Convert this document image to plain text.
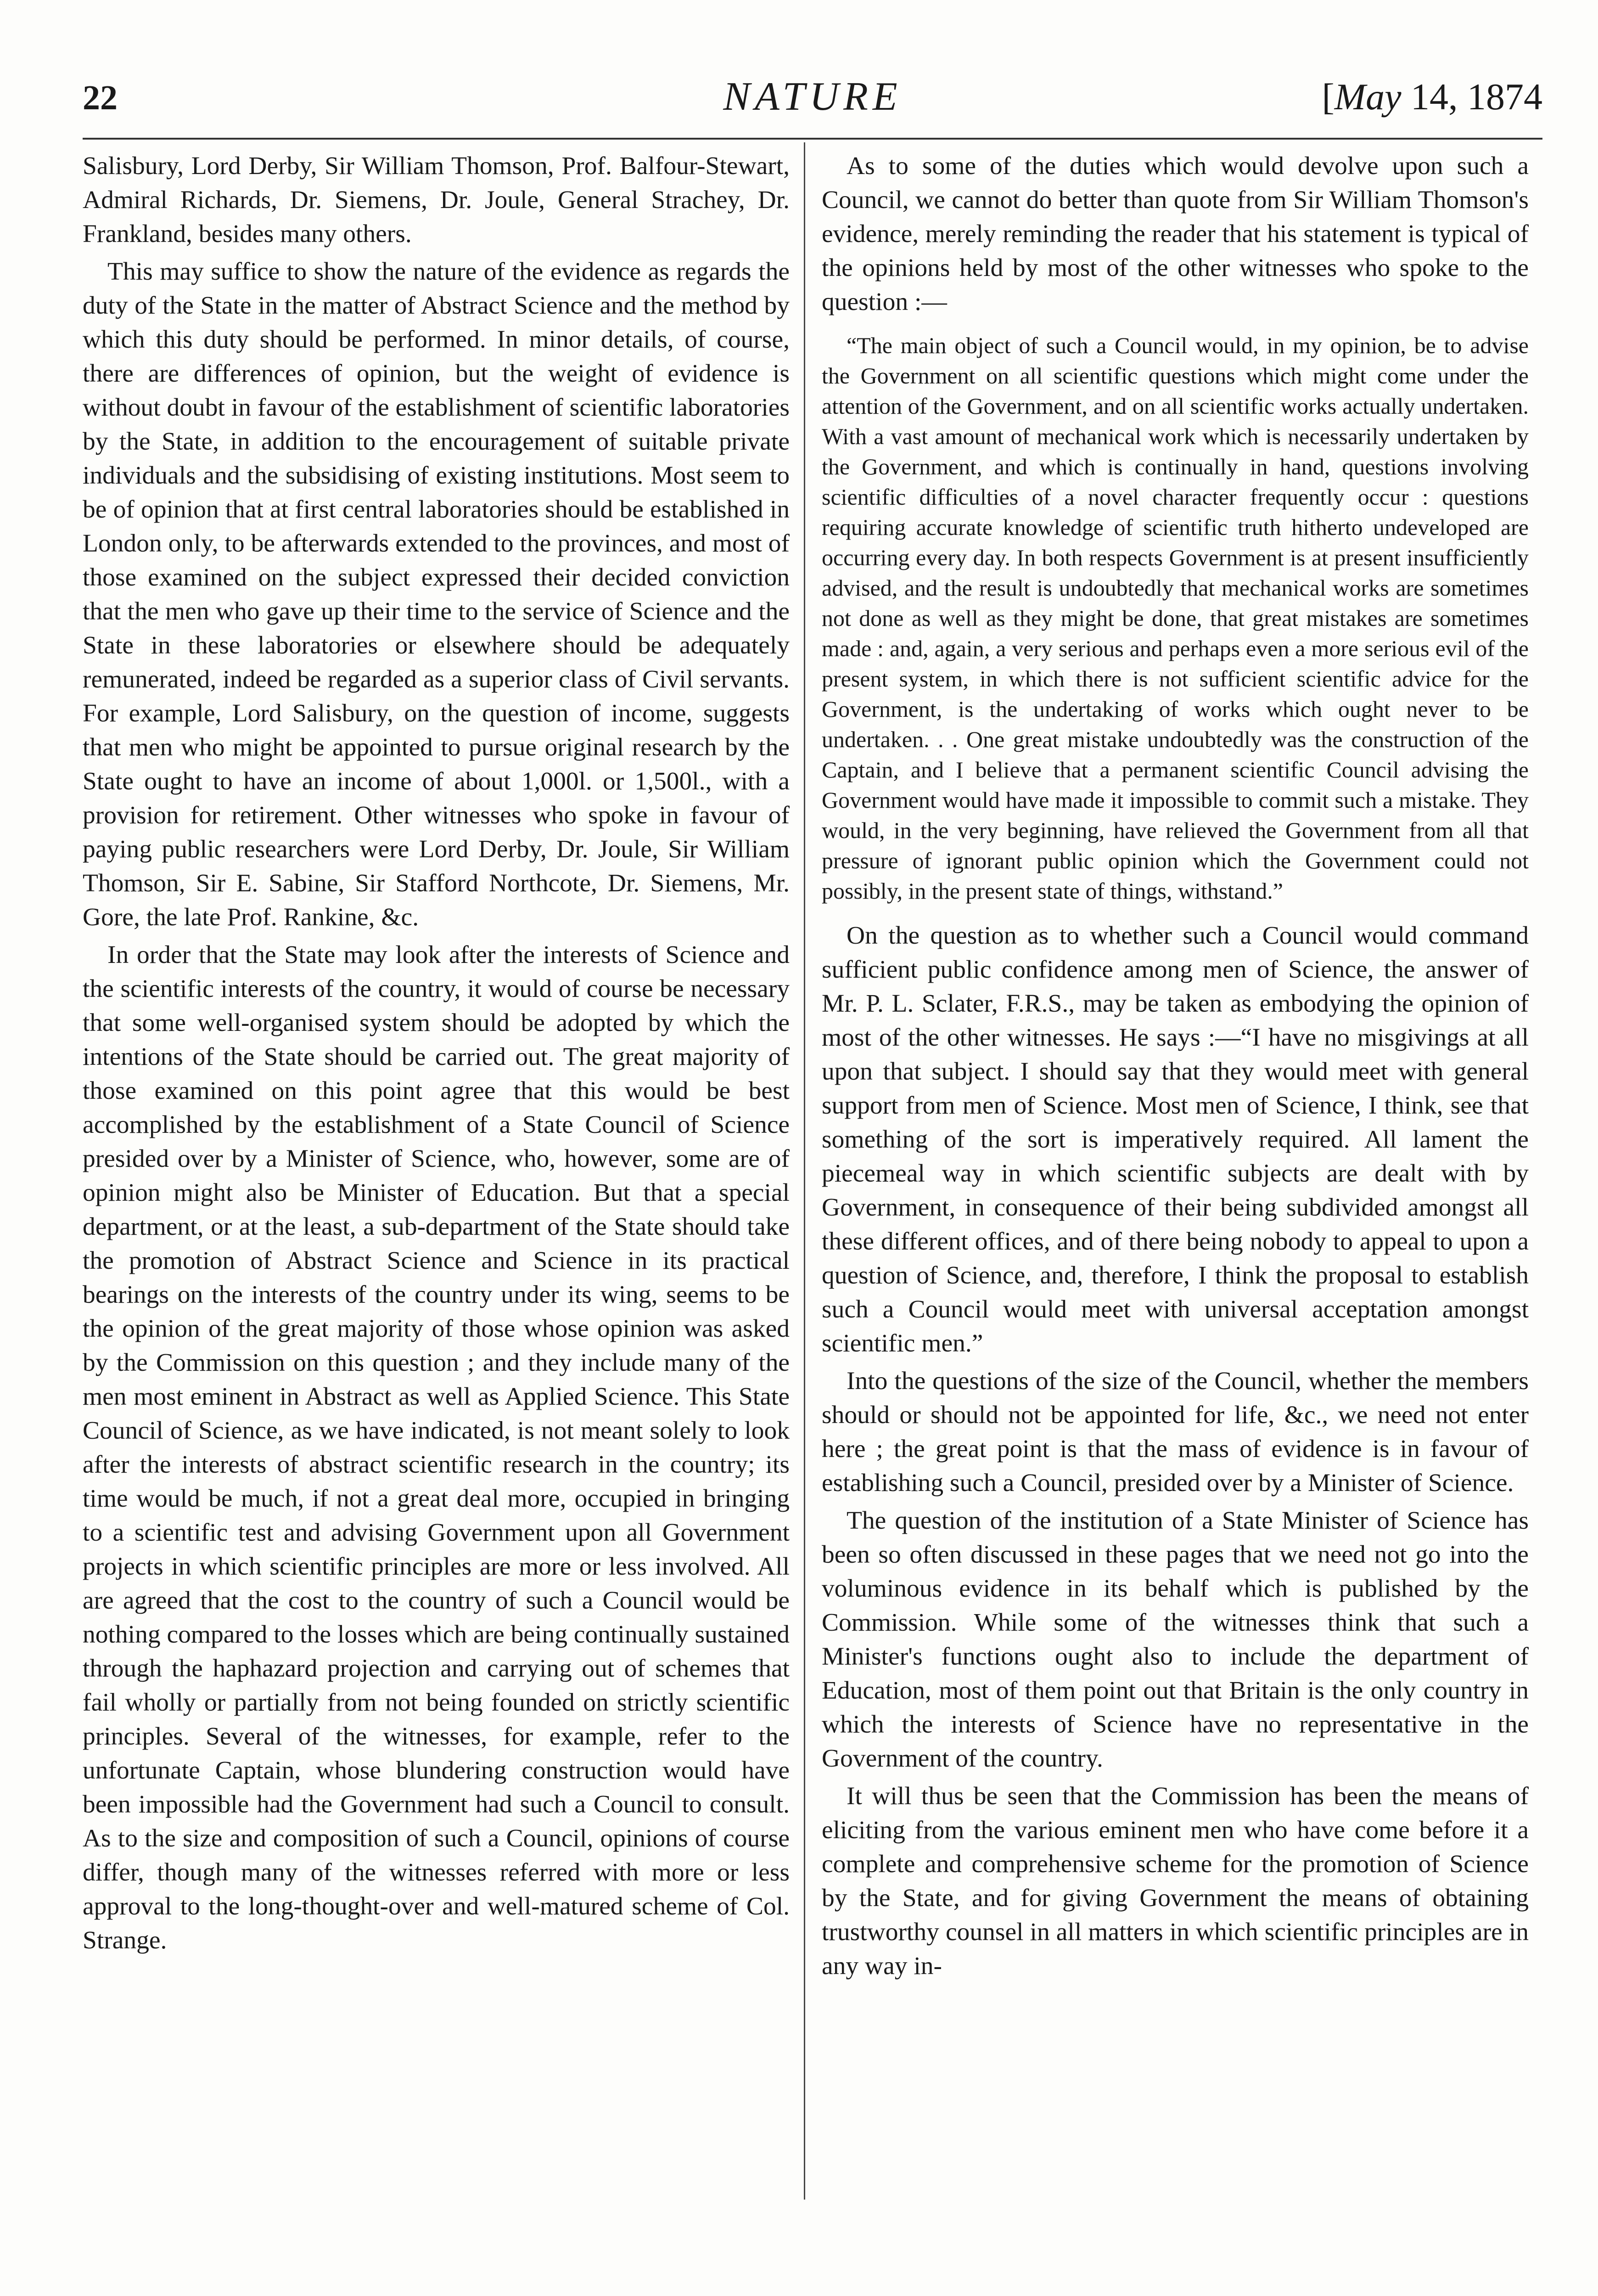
22	NATURE	[May 14, 1874

Salisbury, Lord Derby, Sir William Thomson, Prof. Balfour-Stewart, Admiral Richards, Dr. Siemens, Dr. Joule, General Strachey, Dr. Frankland, besides many others.

This may suffice to show the nature of the evidence as regards the duty of the State in the matter of Abstract Science and the method by which this duty should be performed. In minor details, of course, there are differences of opinion, but the weight of evidence is without doubt in favour of the establishment of scientific laboratories by the State, in addition to the encouragement of suitable private individuals and the subsidising of existing institutions. Most seem to be of opinion that at first central laboratories should be established in London only, to be afterwards extended to the provinces, and most of those examined on the subject expressed their decided conviction that the men who gave up their time to the service of Science and the State in these laboratories or elsewhere should be adequately remunerated, indeed be regarded as a superior class of Civil servants. For example, Lord Salisbury, on the question of income, suggests that men who might be appointed to pursue original research by the State ought to have an income of about 1,000l. or 1,500l., with a provision for retirement. Other witnesses who spoke in favour of paying public researchers were Lord Derby, Dr. Joule, Sir William Thomson, Sir E. Sabine, Sir Stafford Northcote, Dr. Siemens, Mr. Gore, the late Prof. Rankine, &c.

In order that the State may look after the interests of Science and the scientific interests of the country, it would of course be necessary that some well-organised system should be adopted by which the intentions of the State should be carried out. The great majority of those examined on this point agree that this would be best accomplished by the establishment of a State Council of Science presided over by a Minister of Science, who, however, some are of opinion might also be Minister of Education. But that a special department, or at the least, a sub-department of the State should take the promotion of Abstract Science and Science in its practical bearings on the interests of the country under its wing, seems to be the opinion of the great majority of those whose opinion was asked by the Commission on this question ; and they include many of the men most eminent in Abstract as well as Applied Science. This State Council of Science, as we have indicated, is not meant solely to look after the interests of abstract scientific research in the country; its time would be much, if not a great deal more, occupied in bringing to a scientific test and advising Government upon all Government projects in which scientific principles are more or less involved. All are agreed that the cost to the country of such a Council would be nothing compared to the losses which are being continually sustained through the haphazard projection and carrying out of schemes that fail wholly or partially from not being founded on strictly scientific principles. Several of the witnesses, for example, refer to the unfortunate Captain, whose blundering construction would have been impossible had the Government had such a Council to consult. As to the size and composition of such a Council, opinions of course differ, though many of the witnesses referred with more or less approval to the long-thought-over and well-matured scheme of Col. Strange.

As to some of the duties which would devolve upon such a Council, we cannot do better than quote from Sir William Thomson's evidence, merely reminding the reader that his statement is typical of the opinions held by most of the other witnesses who spoke to the question :—

“The main object of such a Council would, in my opinion, be to advise the Government on all scientific questions which might come under the attention of the Government, and on all scientific works actually undertaken. With a vast amount of mechanical work which is necessarily undertaken by the Government, and which is continually in hand, questions involving scientific difficulties of a novel character frequently occur : questions requiring accurate knowledge of scientific truth hitherto undeveloped are occurring every day. In both respects Government is at present insufficiently advised, and the result is undoubtedly that mechanical works are sometimes not done as well as they might be done, that great mistakes are sometimes made : and, again, a very serious and perhaps even a more serious evil of the present system, in which there is not sufficient scientific advice for the Government, is the undertaking of works which ought never to be undertaken. . . One great mistake undoubtedly was the construction of the Captain, and I believe that a permanent scientific Council advising the Government would have made it impossible to commit such a mistake. They would, in the very beginning, have relieved the Government from all that pressure of ignorant public opinion which the Government could not possibly, in the present state of things, withstand.”

On the question as to whether such a Council would command sufficient public confidence among men of Science, the answer of Mr. P. L. Sclater, F.R.S., may be taken as embodying the opinion of most of the other witnesses. He says :—“I have no misgivings at all upon that subject. I should say that they would meet with general support from men of Science. Most men of Science, I think, see that something of the sort is imperatively required. All lament the piecemeal way in which scientific subjects are dealt with by Government, in consequence of their being subdivided amongst all these different offices, and of there being nobody to appeal to upon a question of Science, and, therefore, I think the proposal to establish such a Council would meet with universal acceptation amongst scientific men.”

Into the questions of the size of the Council, whether the members should or should not be appointed for life, &c., we need not enter here ; the great point is that the mass of evidence is in favour of establishing such a Council, presided over by a Minister of Science.

The question of the institution of a State Minister of Science has been so often discussed in these pages that we need not go into the voluminous evidence in its behalf which is published by the Commission. While some of the witnesses think that such a Minister's functions ought also to include the department of Education, most of them point out that Britain is the only country in which the interests of Science have no representative in the Government of the country.

It will thus be seen that the Commission has been the means of eliciting from the various eminent men who have come before it a complete and comprehensive scheme for the promotion of Science by the State, and for giving Government the means of obtaining trustworthy counsel in all matters in which scientific principles are in any way in-
